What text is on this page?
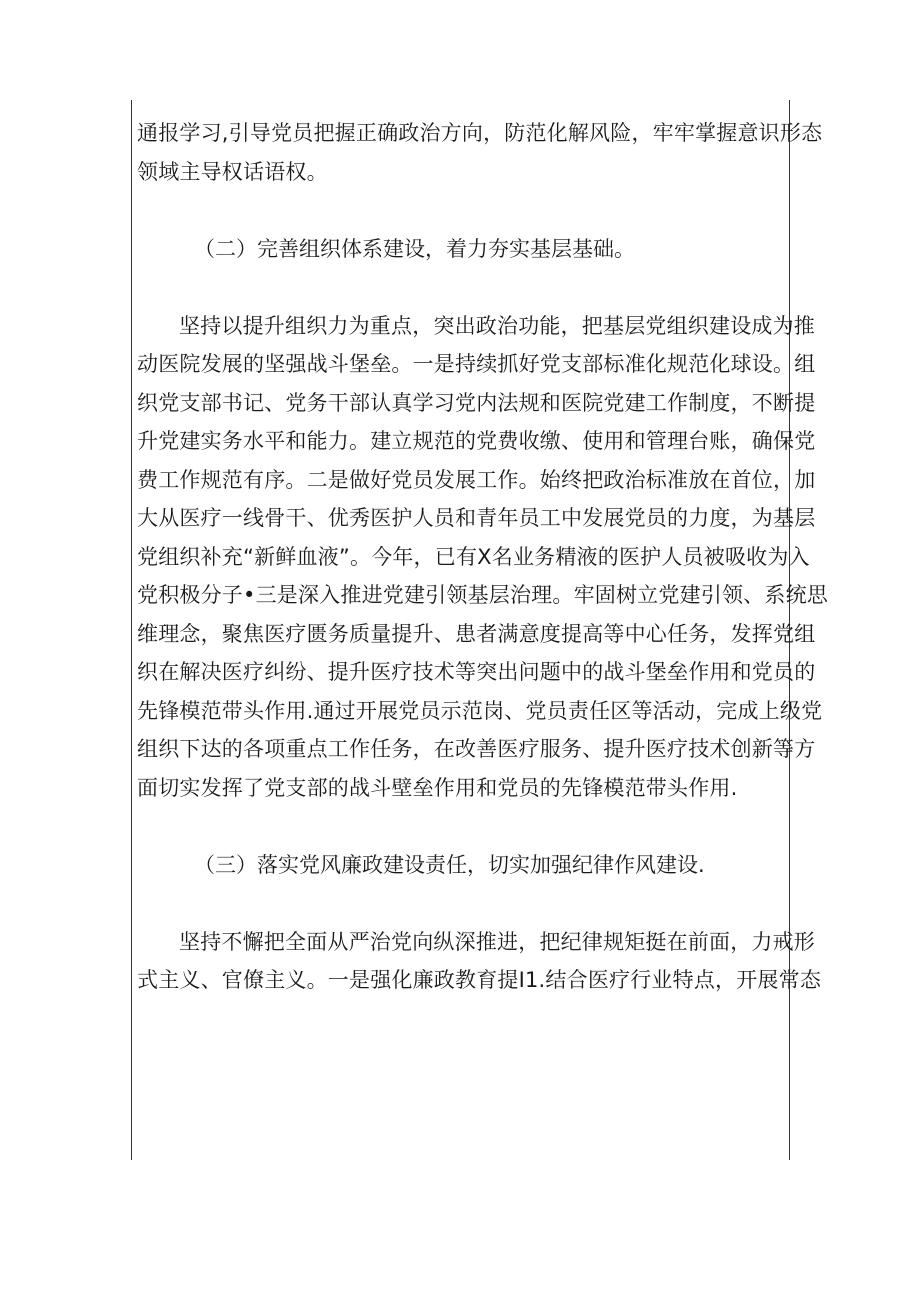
通报学习,引导党员把握正确政治方向，防范化解风险，牢牢掌握意识形态
领域主导权话语权。
（二）完善组织体系建设，着力夯实基层基础。
坚持以提升组织力为重点，突出政治功能，把基层党组织建设成为推
动医院发展的坚强战斗堡垒。一是持续抓好党支部标准化规范化球设。组
织党支部书记、党务干部认真学习党内法规和医院党建工作制度，不断提
升党建实务水平和能力。建立规范的党费收缴、使用和管理台账，确保党
费工作规范有序。二是做好党员发展工作。始终把政治标准放在首位，加
大从医疗一线骨干、优秀医护人员和青年员工中发展党员的力度，为基层
党组织补充“新鲜血液”。今年，已有X名业务精液的医护人员被吸收为入
党积极分子•三是深入推进党建引领基层治理。牢固树立党建引领、系统思
维理念，聚焦医疗匮务质量提升、患者满意度提高等中心任务，发挥党组
织在解决医疗纠纷、提升医疗技术等突出问题中的战斗堡垒作用和党员的
先锋模范带头作用.通过开展党员示范岗、党员责任区等活动，完成上级党
组织下达的各项重点工作任务，在改善医疗服务、提升医疗技术创新等方
面切实发挥了党支部的战斗壁垒作用和党员的先锋模范带头作用.
（三）落实党风廉政建设责任，切实加强纪律作风建设.
坚持不懈把全面从严治党向纵深推进，把纪律规矩挺在前面，力戒形
式主义、官僚主义。一是强化廉政教育提I1.结合医疗行业特点，开展常态
